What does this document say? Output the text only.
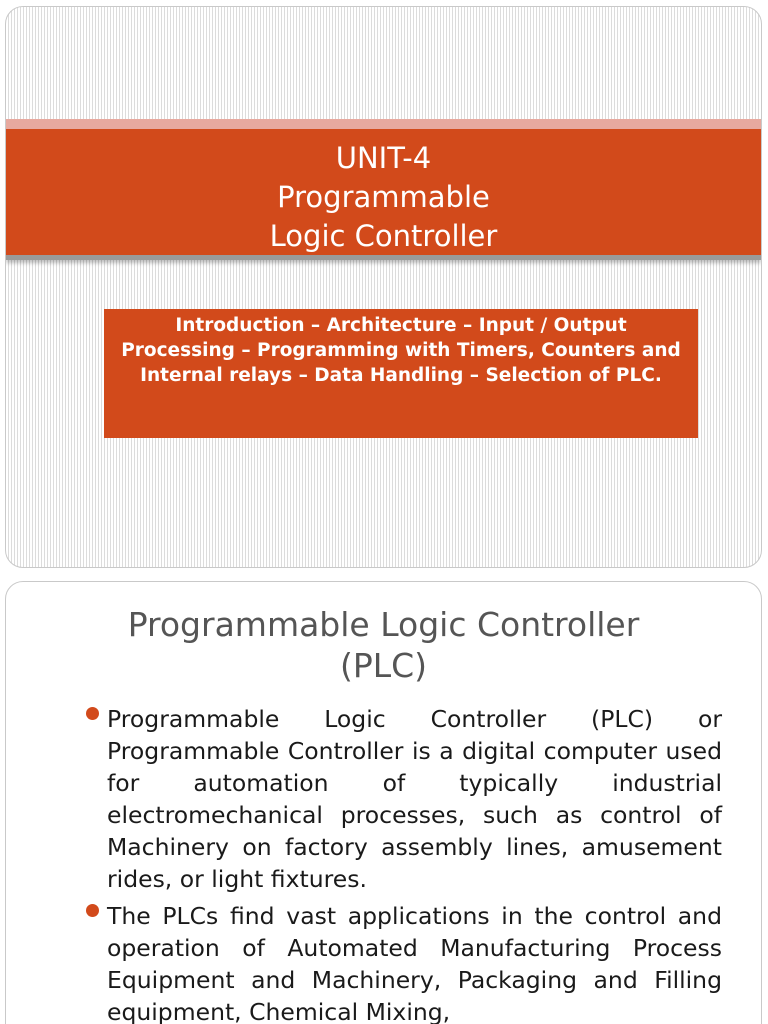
UNIT-4
Programmable
Logic Controller
Introduction – Architecture – Input / Output Processing – Programming with Timers, Counters and Internal relays – Data Handling – Selection of PLC.
Programmable Logic Controller
(PLC)
Programmable Logic Controller (PLC) or Programmable Controller is a digital computer used for automation of typically industrial electromechanical processes, such as control of Machinery on factory assembly lines, amusement rides, or light fixtures.
The PLCs find vast applications in the control and operation of Automated Manufacturing Process Equipment and Machinery, Packaging and Filling equipment, Chemical Mixing,
